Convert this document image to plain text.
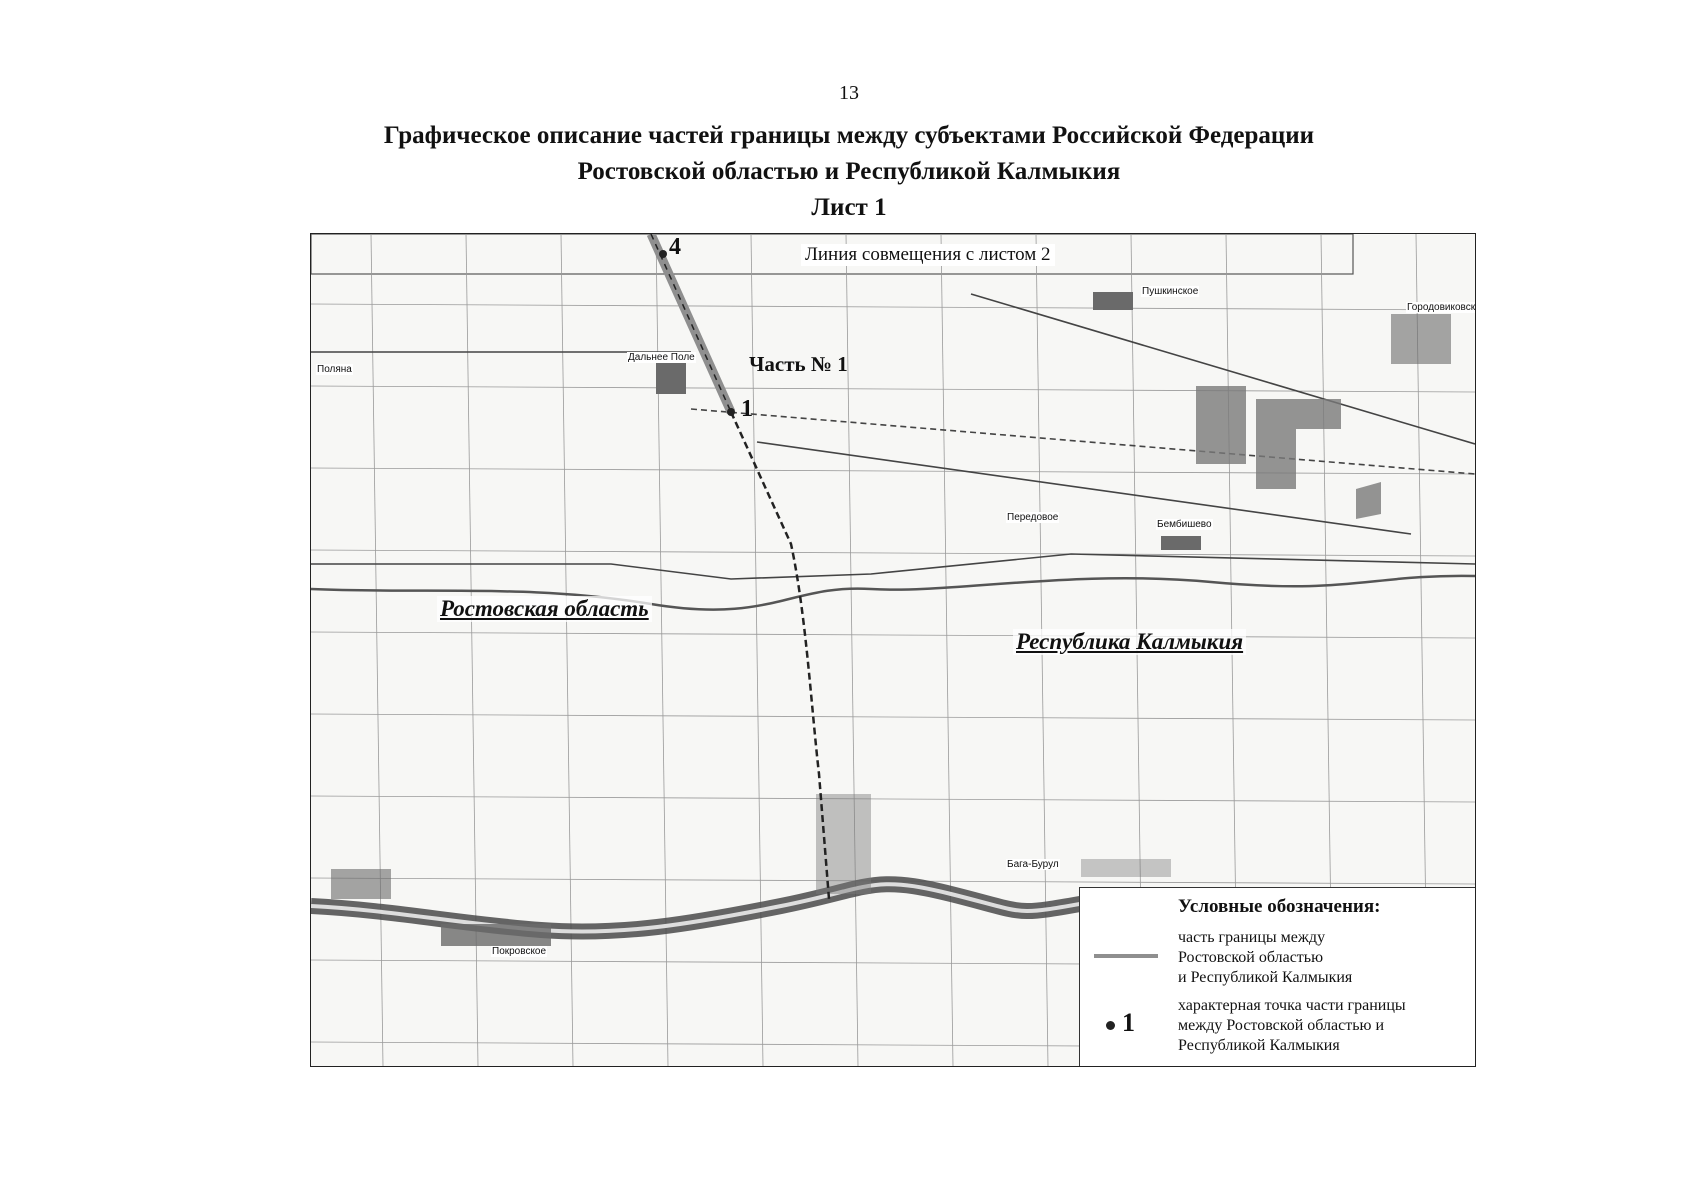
13
Графическое описание частей границы между субъектами Российской Федерации
Ростовской областью и Республикой Калмыкия
Лист 1
Линия совмещения с листом 2
Часть № 1
4
1
Ростовская область
Республика Калмыкия
Дальнее Поле
Поляна
Пушкинское
Городовиковск
Передовое
Бембишево
Покровское
Бага-Бурул
Условные обозначения:
часть границы между
Ростовской областью
и Республикой Калмыкия
1
характерная точка части границы
между Ростовской областью и
Республикой Калмыкия
